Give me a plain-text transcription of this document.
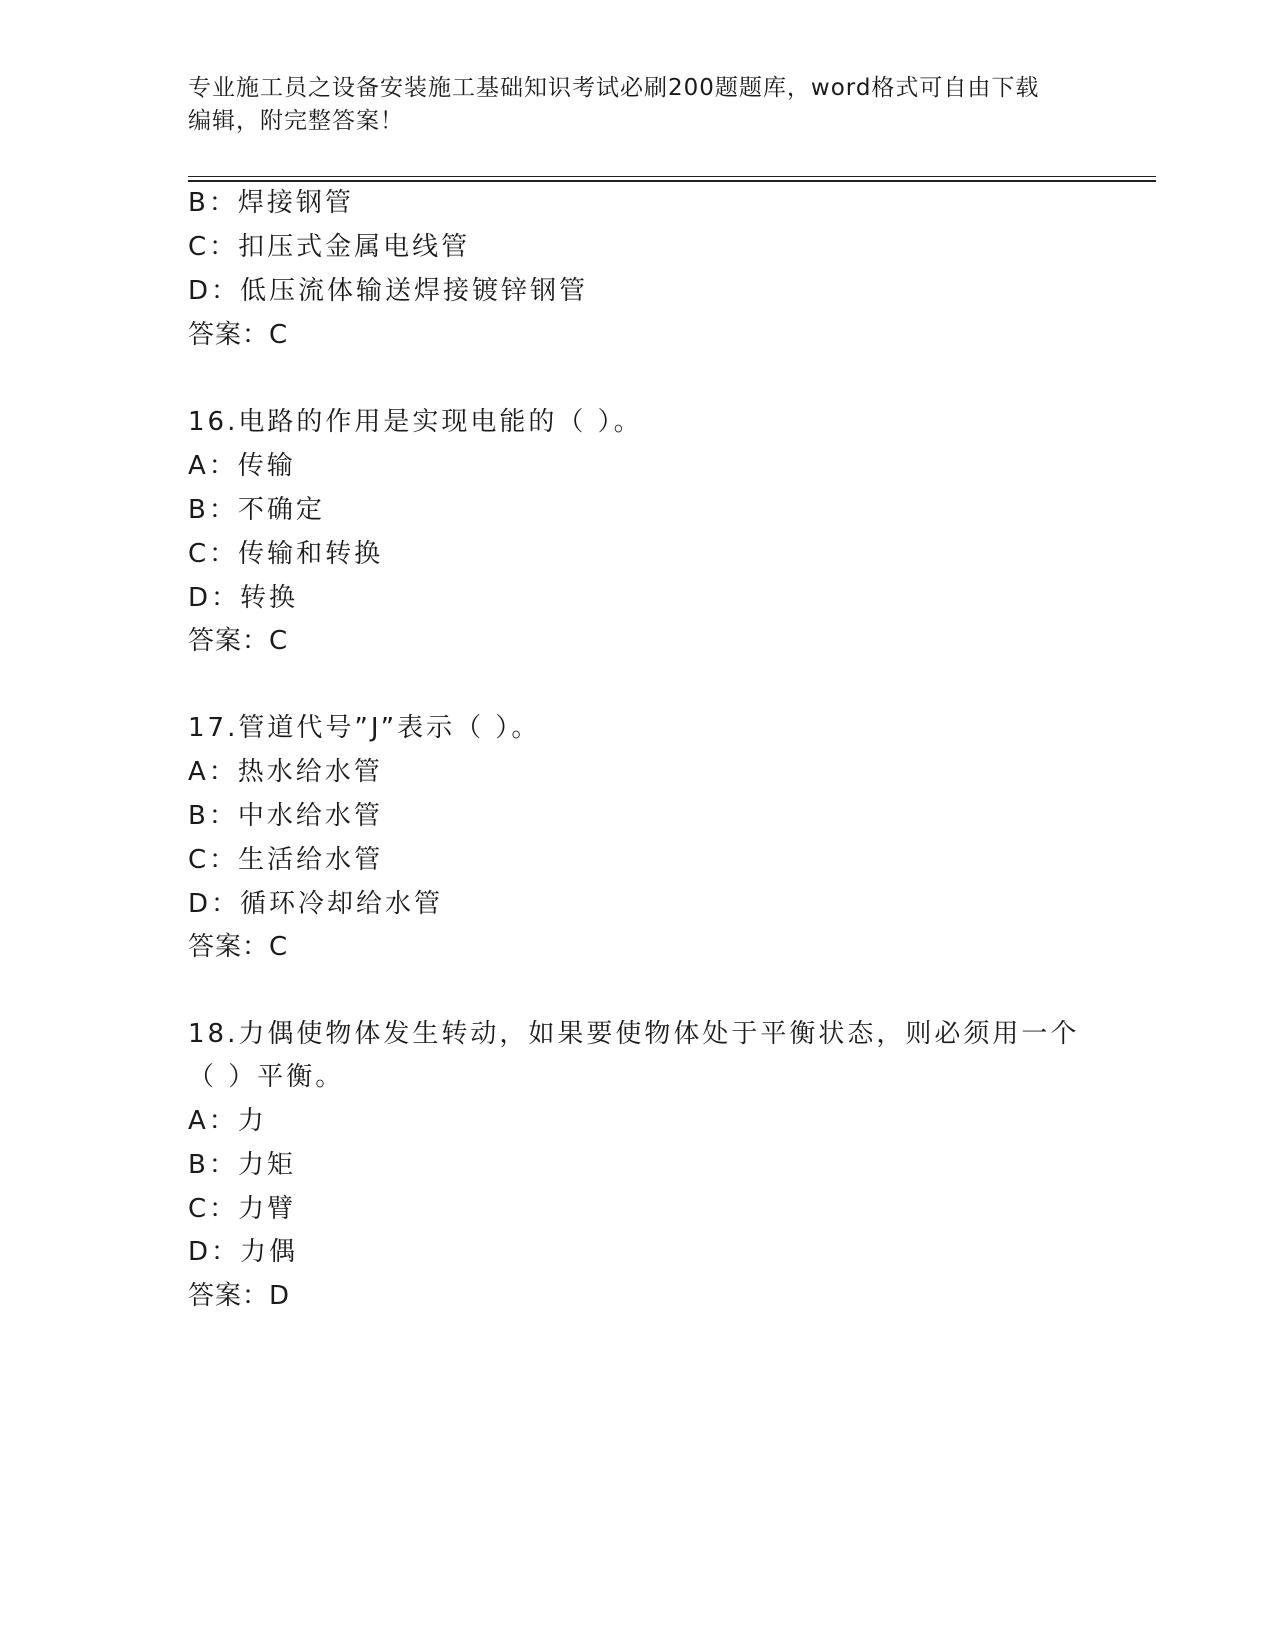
专业施工员之设备安装施工基础知识考试必刷200题题库，word格式可自由下载
编辑，附完整答案！
B：焊接钢管
C：扣压式金属电线管
D：低压流体输送焊接镀锌钢管
答案：C
16.电路的作用是实现电能的（ ）。
A：传输
B：不确定
C：传输和转换
D：转换
答案：C
17.管道代号”J”表示（ ）。
A：热水给水管
B：中水给水管
C：生活给水管
D：循环冷却给水管
答案：C
18.力偶使物体发生转动，如果要使物体处于平衡状态，则必须用一个
（ ）平衡。
A：力
B：力矩
C：力臂
D：力偶
答案：D
